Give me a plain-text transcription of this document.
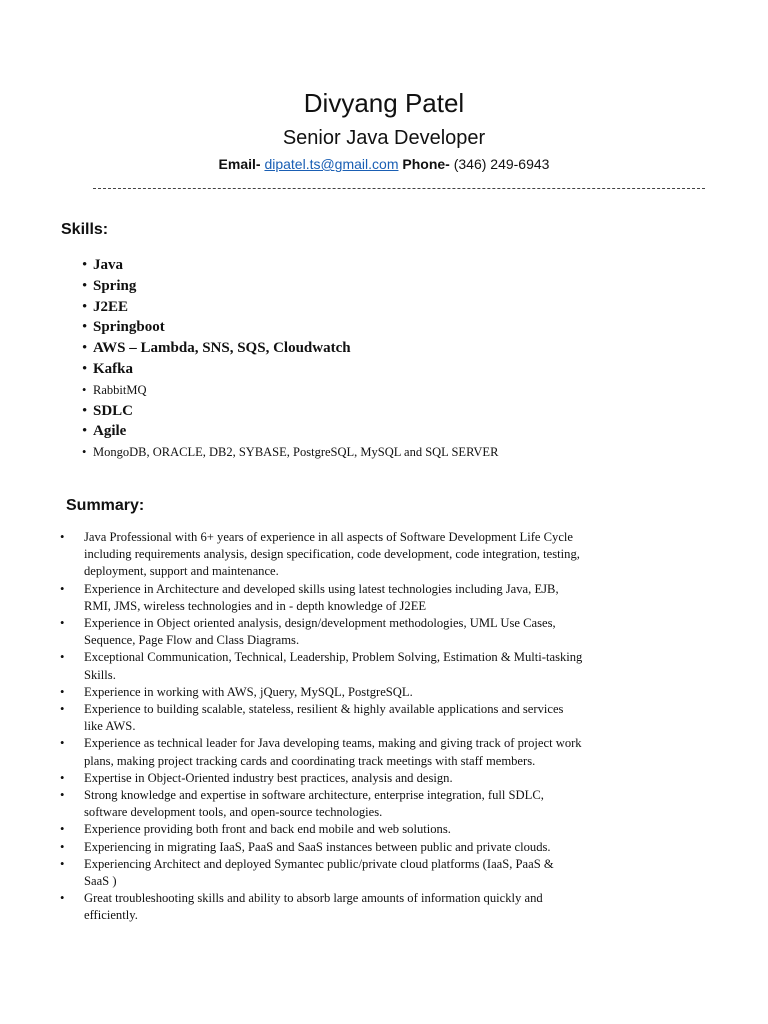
Divyang Patel
Senior Java Developer
Email- dipatel.ts@gmail.com Phone- (346) 249-6943
Skills:
• Java
• Spring
• J2EE
• Springboot
• AWS – Lambda, SNS, SQS, Cloudwatch
• Kafka
• RabbitMQ
• SDLC
• Agile
• MongoDB, ORACLE, DB2, SYBASE, PostgreSQL, MySQL and SQL SERVER
Summary:
• Java Professional with 6+ years of experience in all aspects of Software Development Life Cycle
including requirements analysis, design specification, code development, code integration, testing,
deployment, support and maintenance.
• Experience in Architecture and developed skills using latest technologies including Java, EJB,
RMI, JMS, wireless technologies and in - depth knowledge of J2EE
• Experience in Object oriented analysis, design/development methodologies, UML Use Cases,
Sequence, Page Flow and Class Diagrams.
• Exceptional Communication, Technical, Leadership, Problem Solving, Estimation & Multi-tasking
Skills.
• Experience in working with AWS, jQuery, MySQL, PostgreSQL.
• Experience to building scalable, stateless, resilient & highly available applications and services
like AWS.
• Experience as technical leader for Java developing teams, making and giving track of project work
plans, making project tracking cards and coordinating track meetings with staff members.
• Expertise in Object-Oriented industry best practices, analysis and design.
• Strong knowledge and expertise in software architecture, enterprise integration, full SDLC,
software development tools, and open-source technologies.
• Experience providing both front and back end mobile and web solutions.
• Experiencing in migrating IaaS, PaaS and SaaS instances between public and private clouds.
• Experiencing Architect and deployed Symantec public/private cloud platforms (IaaS, PaaS &
SaaS )
• Great troubleshooting skills and ability to absorb large amounts of information quickly and
efficiently.
